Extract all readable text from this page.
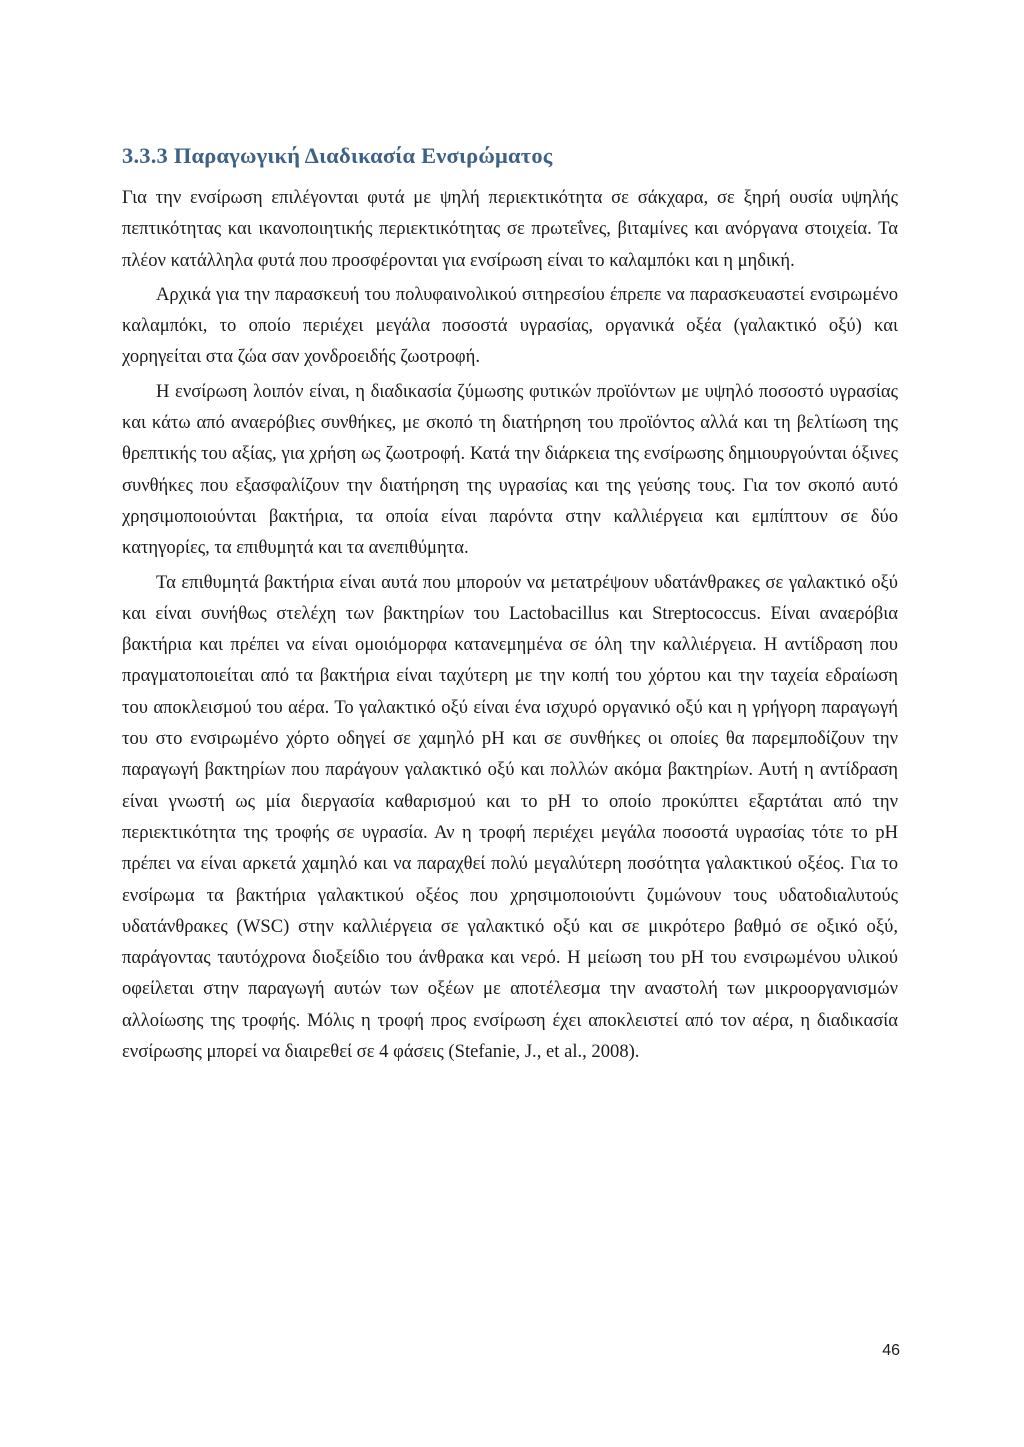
3.3.3 Παραγωγική Διαδικασία Ενσιρώματος

Για την ενσίρωση επιλέγονται φυτά με ψηλή περιεκτικότητα σε σάκχαρα, σε ξηρή ουσία υψηλής πεπτικότητας και ικανοποιητικής περιεκτικότητας σε πρωτεΐνες, βιταμίνες και ανόργανα στοιχεία. Τα πλέον κατάλληλα φυτά που προσφέρονται για ενσίρωση είναι το καλαμπόκι και η μηδική.

Αρχικά για την παρασκευή του πολυφαινολικού σιτηρεσίου έπρεπε να παρασκευαστεί ενσιρωμένο καλαμπόκι, το οποίο περιέχει μεγάλα ποσοστά υγρασίας, οργανικά οξέα (γαλακτικό οξύ) και χορηγείται στα ζώα σαν χονδροειδής ζωοτροφή.

Η ενσίρωση λοιπόν είναι, η διαδικασία ζύμωσης φυτικών προϊόντων με υψηλό ποσοστό υγρασίας και κάτω από αναερόβιες συνθήκες, με σκοπό τη διατήρηση του προϊόντος αλλά και τη βελτίωση της θρεπτικής του αξίας, για χρήση ως ζωοτροφή. Κατά την διάρκεια της ενσίρωσης δημιουργούνται όξινες συνθήκες που εξασφαλίζουν την διατήρηση της υγρασίας και της γεύσης τους. Για τον σκοπό αυτό χρησιμοποιούνται βακτήρια, τα οποία είναι παρόντα στην καλλιέργεια και εμπίπτουν σε δύο κατηγορίες, τα επιθυμητά και τα ανεπιθύμητα.

Τα επιθυμητά βακτήρια είναι αυτά που μπορούν να μετατρέψουν υδατάνθρακες σε γαλακτικό οξύ και είναι συνήθως στελέχη των βακτηρίων του Lactobacillus και Streptococcus. Είναι αναερόβια βακτήρια και πρέπει να είναι ομοιόμορφα κατανεμημένα σε όλη την καλλιέργεια. Η αντίδραση που πραγματοποιείται από τα βακτήρια είναι ταχύτερη με την κοπή του χόρτου και την ταχεία εδραίωση του αποκλεισμού του αέρα. Το γαλακτικό οξύ είναι ένα ισχυρό οργανικό οξύ και η γρήγορη παραγωγή του στο ενσιρωμένο χόρτο οδηγεί σε χαμηλό pH και σε συνθήκες οι οποίες θα παρεμποδίζουν την παραγωγή βακτηρίων που παράγουν γαλακτικό οξύ και πολλών ακόμα βακτηρίων. Αυτή η αντίδραση είναι γνωστή ως μία διεργασία καθαρισμού και το pH το οποίο προκύπτει εξαρτάται από την περιεκτικότητα της τροφής σε υγρασία. Αν η τροφή περιέχει μεγάλα ποσοστά υγρασίας τότε το pH πρέπει να είναι αρκετά χαμηλό και να παραχθεί πολύ μεγαλύτερη ποσότητα γαλακτικού οξέος. Για το ενσίρωμα τα βακτήρια γαλακτικού οξέος που χρησιμοποιούντι ζυμώνουν τους υδατοδιαλυτούς υδατάνθρακες (WSC) στην καλλιέργεια σε γαλακτικό οξύ και σε μικρότερο βαθμό σε οξικό οξύ, παράγοντας ταυτόχρονα διοξείδιο του άνθρακα και νερό. Η μείωση του pH του ενσιρωμένου υλικού οφείλεται στην παραγωγή αυτών των οξέων με αποτέλεσμα την αναστολή των μικροοργανισμών αλλοίωσης της τροφής. Μόλις η τροφή προς ενσίρωση έχει αποκλειστεί από τον αέρα, η διαδικασία ενσίρωσης μπορεί να διαιρεθεί σε 4 φάσεις (Stefanie, J., et al., 2008).

46
